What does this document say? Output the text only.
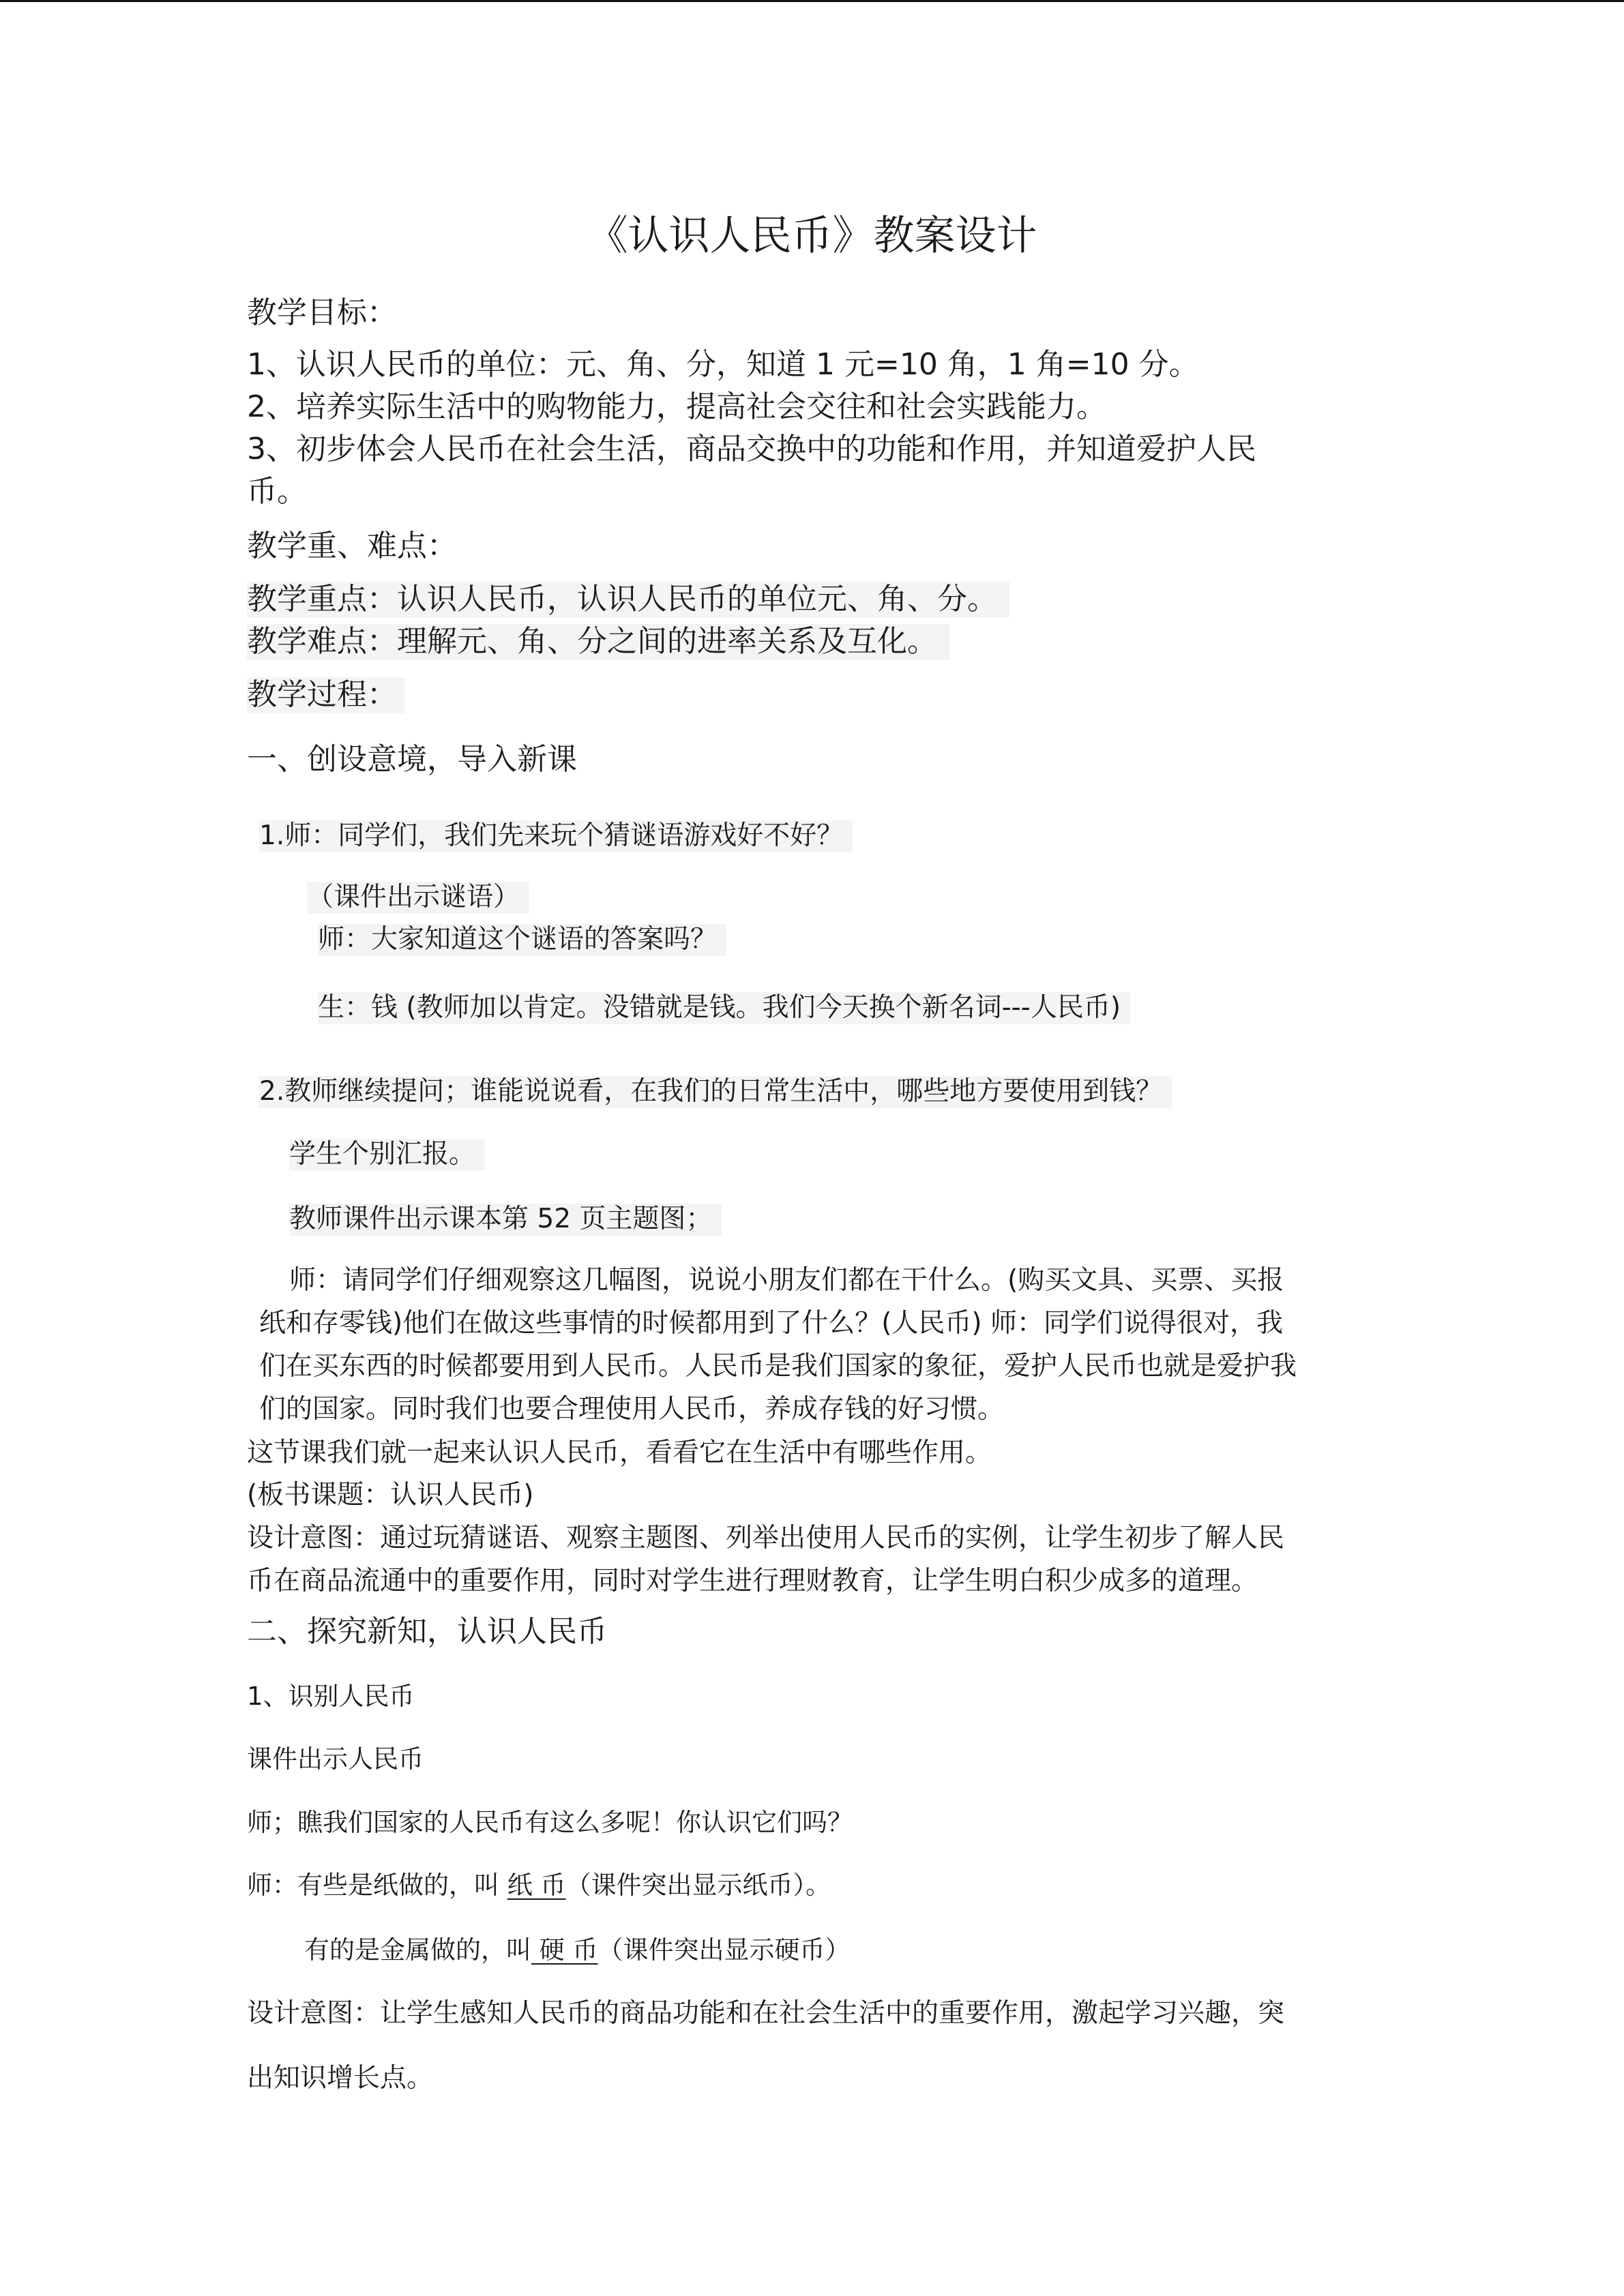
《认识人民币》教案设计
教学目标：
1、认识人民币的单位：元、角、分，知道 1 元=10 角，1 角=10 分。
2、培养实际生活中的购物能力，提高社会交往和社会实践能力。
3、初步体会人民币在社会生活，商品交换中的功能和作用，并知道爱护人民
币。
教学重、难点：
教学重点：认识人民币，认识人民币的单位元、角、分。
教学难点：理解元、角、分之间的进率关系及互化。
教学过程：
一、创设意境，导入新课
1.师：同学们，我们先来玩个猜谜语游戏好不好？
（课件出示谜语）
师：大家知道这个谜语的答案吗？
生：钱 (教师加以肯定。没错就是钱。我们今天换个新名词---人民币)
2.教师继续提问；谁能说说看，在我们的日常生活中，哪些地方要使用到钱？
学生个别汇报。
教师课件出示课本第 52 页主题图；
师：请同学们仔细观察这几幅图，说说小朋友们都在干什么。(购买文具、买票、买报
纸和存零钱)他们在做这些事情的时候都用到了什么？(人民币) 师：同学们说得很对，我
们在买东西的时候都要用到人民币。人民币是我们国家的象征，爱护人民币也就是爱护我
们的国家。同时我们也要合理使用人民币，养成存钱的好习惯。
这节课我们就一起来认识人民币，看看它在生活中有哪些作用。
(板书课题：认识人民币)
设计意图：通过玩猜谜语、观察主题图、列举出使用人民币的实例，让学生初步了解人民
币在商品流通中的重要作用，同时对学生进行理财教育，让学生明白积少成多的道理。
二、探究新知，认识人民币
1、识别人民币
课件出示人民币
师；瞧我们国家的人民币有这么多呢！你认识它们吗？
师：有些是纸做的，叫 纸 币（课件突出显示纸币）。
有的是金属做的，叫 硬 币（课件突出显示硬币）
设计意图：让学生感知人民币的商品功能和在社会生活中的重要作用，激起学习兴趣，突
出知识增长点。
